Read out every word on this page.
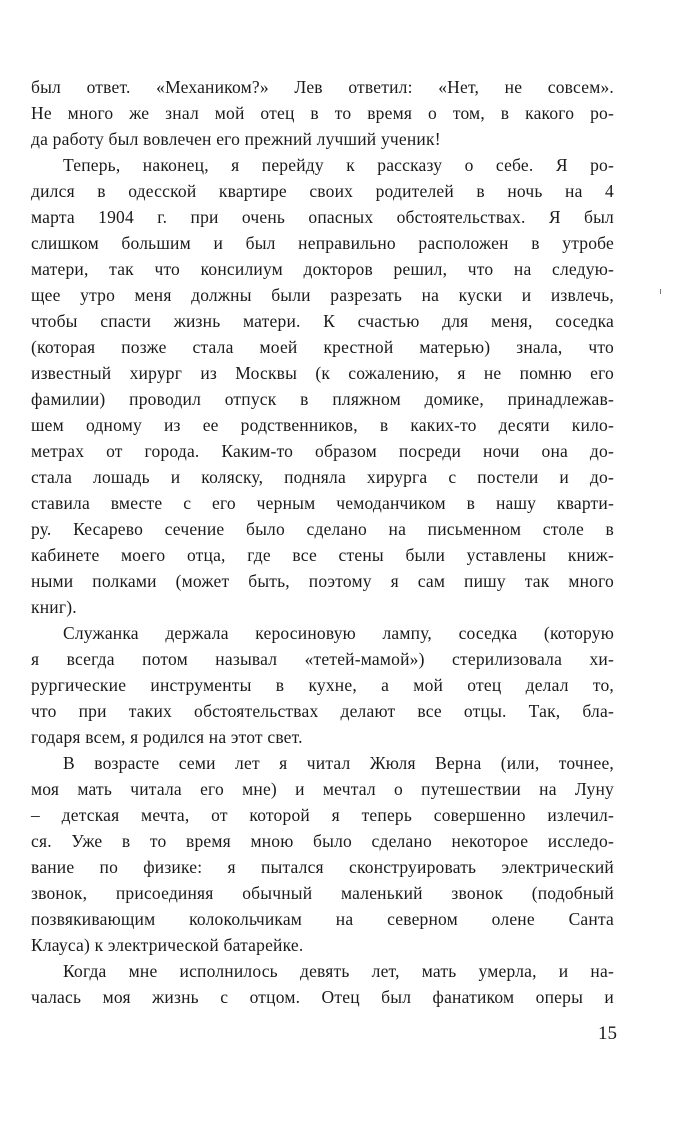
был ответ. «Механиком?» Лев ответил: «Нет, не совсем».
Не много же знал мой отец в то время о том, в какого ро-
да работу был вовлечен его прежний лучший ученик!
Теперь, наконец, я перейду к рассказу о себе. Я ро-
дился в одесской квартире своих родителей в ночь на 4
марта 1904 г. при очень опасных обстоятельствах. Я был
слишком большим и был неправильно расположен в утробе
матери, так что консилиум докторов решил, что на следую-
щее утро меня должны были разрезать на куски и извлечь,
чтобы спасти жизнь матери. К счастью для меня, соседка
(которая позже стала моей крестной матерью) знала, что
известный хирург из Москвы (к сожалению, я не помню его
фамилии) проводил отпуск в пляжном домике, принадлежав-
шем одному из ее родственников, в каких-то десяти кило-
метрах от города. Каким-то образом посреди ночи она до-
стала лошадь и коляску, подняла хирурга с постели и до-
ставила вместе с его черным чемоданчиком в нашу кварти-
ру. Кесарево сечение было сделано на письменном столе в
кабинете моего отца, где все стены были уставлены книж-
ными полками (может быть, поэтому я сам пишу так много
книг).
Служанка держала керосиновую лампу, соседка (которую
я всегда потом называл «тетей-мамой») стерилизовала хи-
рургические инструменты в кухне, а мой отец делал то,
что при таких обстоятельствах делают все отцы. Так, бла-
годаря всем, я родился на этот свет.
В возрасте семи лет я читал Жюля Верна (или, точнее,
моя мать читала его мне) и мечтал о путешествии на Луну
– детская мечта, от которой я теперь совершенно излечил-
ся. Уже в то время мною было сделано некоторое исследо-
вание по физике: я пытался сконструировать электрический
звонок, присоединяя обычный маленький звонок (подобный
позвякивающим колокольчикам на северном олене Санта
Клауса) к электрической батарейке.
Когда мне исполнилось девять лет, мать умерла, и на-
чалась моя жизнь с отцом. Отец был фанатиком оперы и
15
